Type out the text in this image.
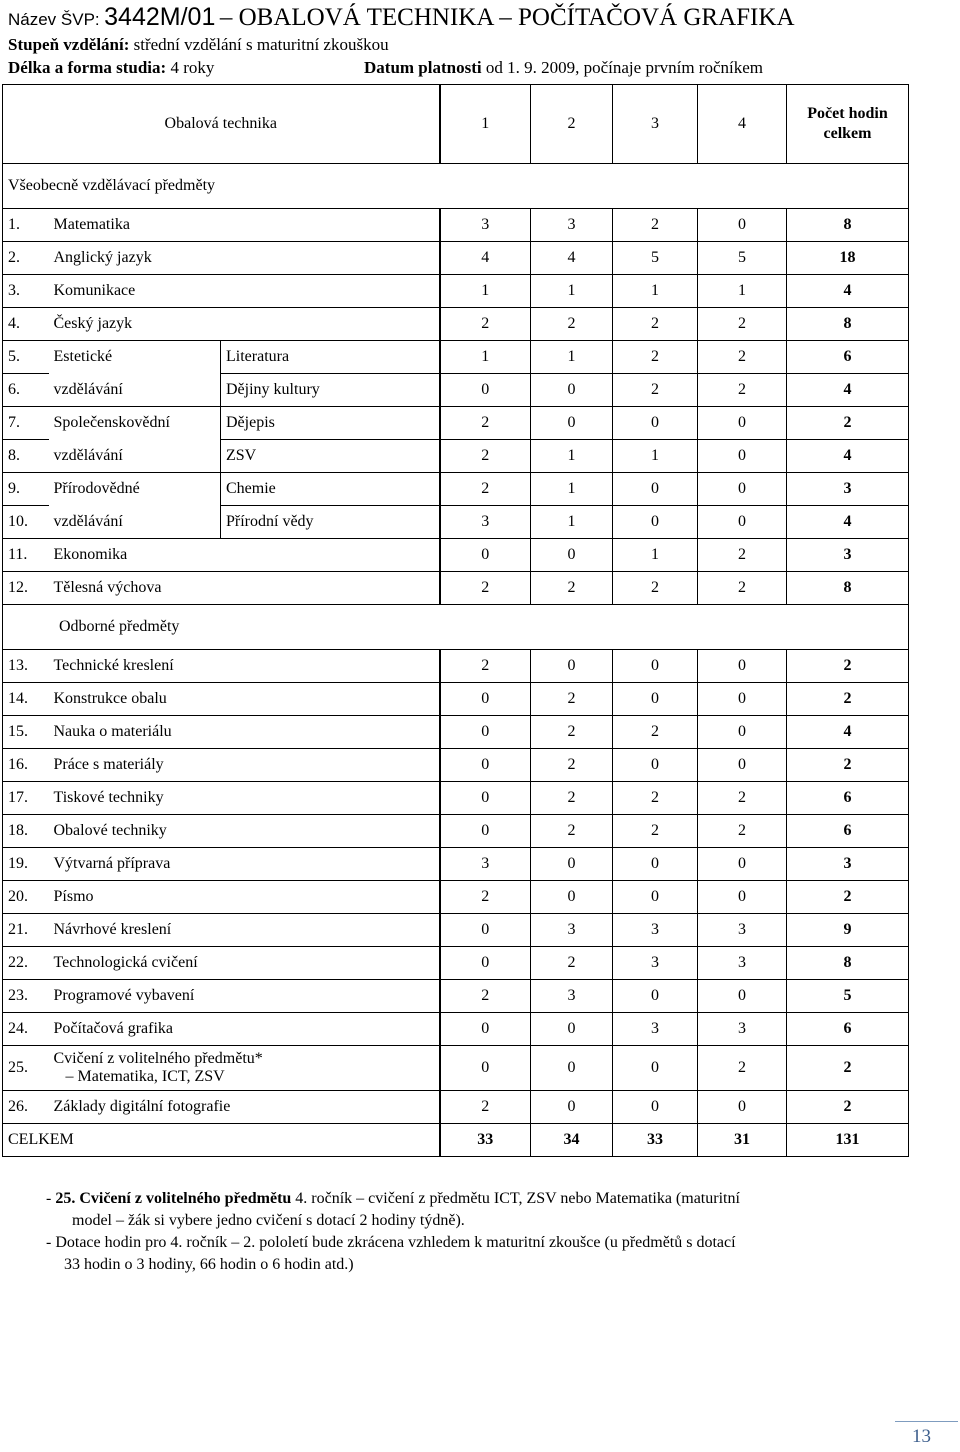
Název ŠVP: 3442M/01 – OBALOVÁ TECHNIKA – POČÍTAČOVÁ GRAFIKA
Stupeň vzdělání: střední vzdělání s maturitní zkouškou
Délka a forma studia: 4 roky	Datum platnosti od 1. 9. 2009, počínaje prvním ročníkem
Obalová technika			1	2	3	4	Počet hodin celkem
Všeobecně vzdělávací předměty							
1.	Matematika		3	3	2	0	8
2.	Anglický jazyk		4	4	5	5	18
3.	Komunikace		1	1	1	1	4
4.	Český jazyk		2	2	2	2	8
5.	Estetické	Literatura	1	1	2	2	6
6.	vzdělávání	Dějiny kultury	0	0	2	2	4
7.	Společenskovědní	Dějepis	2	0	0	0	2
8.	vzdělávání	ZSV	2	1	1	0	4
9.	Přírodovědné	Chemie	2	1	0	0	3
10.	vzdělávání	Přírodní vědy	3	1	0	0	4
11.	Ekonomika		0	0	1	2	3
12.	Tělesná výchova		2	2	2	2	8
Odborné předměty							
13.	Technické kreslení		2	0	0	0	2
14.	Konstrukce obalu		0	2	0	0	2
15.	Nauka o materiálu		0	2	2	0	4
16.	Práce s materiály		0	2	0	0	2
17.	Tiskové techniky		0	2	2	2	6
18.	Obalové techniky		0	2	2	2	6
19.	Výtvarná příprava		3	0	0	0	3
20.	Písmo		2	0	0	0	2
21.	Návrhové kreslení		0	3	3	3	9
22.	Technologická cvičení		0	2	3	3	8
23.	Programové vybavení		2	3	0	0	5
24.	Počítačová grafika		0	0	3	3	6
25.	Cvičení z volitelného předmětu*
– Matematika, ICT, ZSV		0	0	0	2	2
26.	Základy digitální fotografie		2	0	0	0	2
CELKEM			33	34	33	31	131
- 25. Cvičení z volitelného předmětu 4. ročník – cvičení z předmětu ICT, ZSV nebo Matematika (maturitní
model – žák si vybere jedno cvičení s dotací 2 hodiny týdně).
- Dotace hodin pro 4. ročník – 2. pololetí bude zkrácena vzhledem k maturitní zkoušce (u předmětů s dotací
33 hodin o 3 hodiny, 66 hodin o 6 hodin atd.)
13
